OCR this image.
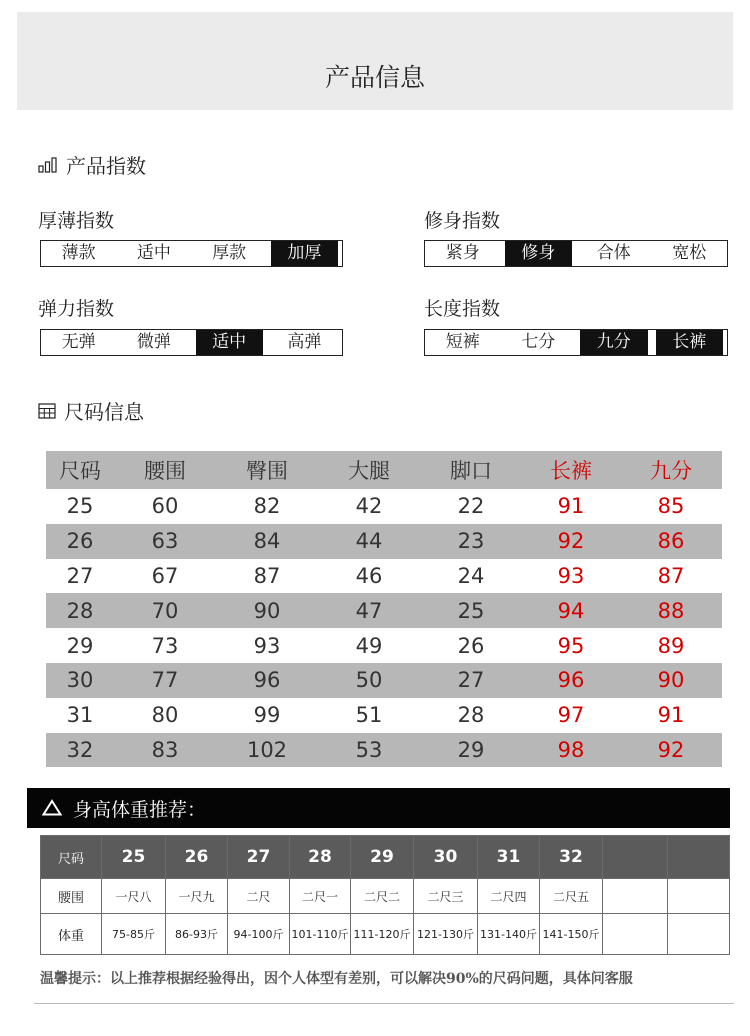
产品信息
产品指数
厚薄指数
薄款	适中	厚款	加厚
修身指数
紧身	修身	合体	宽松
弹力指数
无弹	微弹	适中	高弹
长度指数
短裤	七分	九分	长裤
尺码信息
尺码	腰围	臀围	大腿	脚口	长裤	九分
25	60	82	42	22	91	85
26	63	84	44	23	92	86
27	67	87	46	24	93	87
28	70	90	47	25	94	88
29	73	93	49	26	95	89
30	77	96	50	27	96	90
31	80	99	51	28	97	91
32	83	102	53	29	98	92
身高体重推荐：
尺码	25	26	27	28	29	30	31	32		
腰围	一尺八	一尺九	二尺	二尺一	二尺二	二尺三	二尺四	二尺五		
体重	75-85斤	86-93斤	94-100斤	101-110斤	111-120斤	121-130斤	131-140斤	141-150斤		
温馨提示：以上推荐根据经验得出，因个人体型有差别，可以解决90%的尺码问题，具体问客服
